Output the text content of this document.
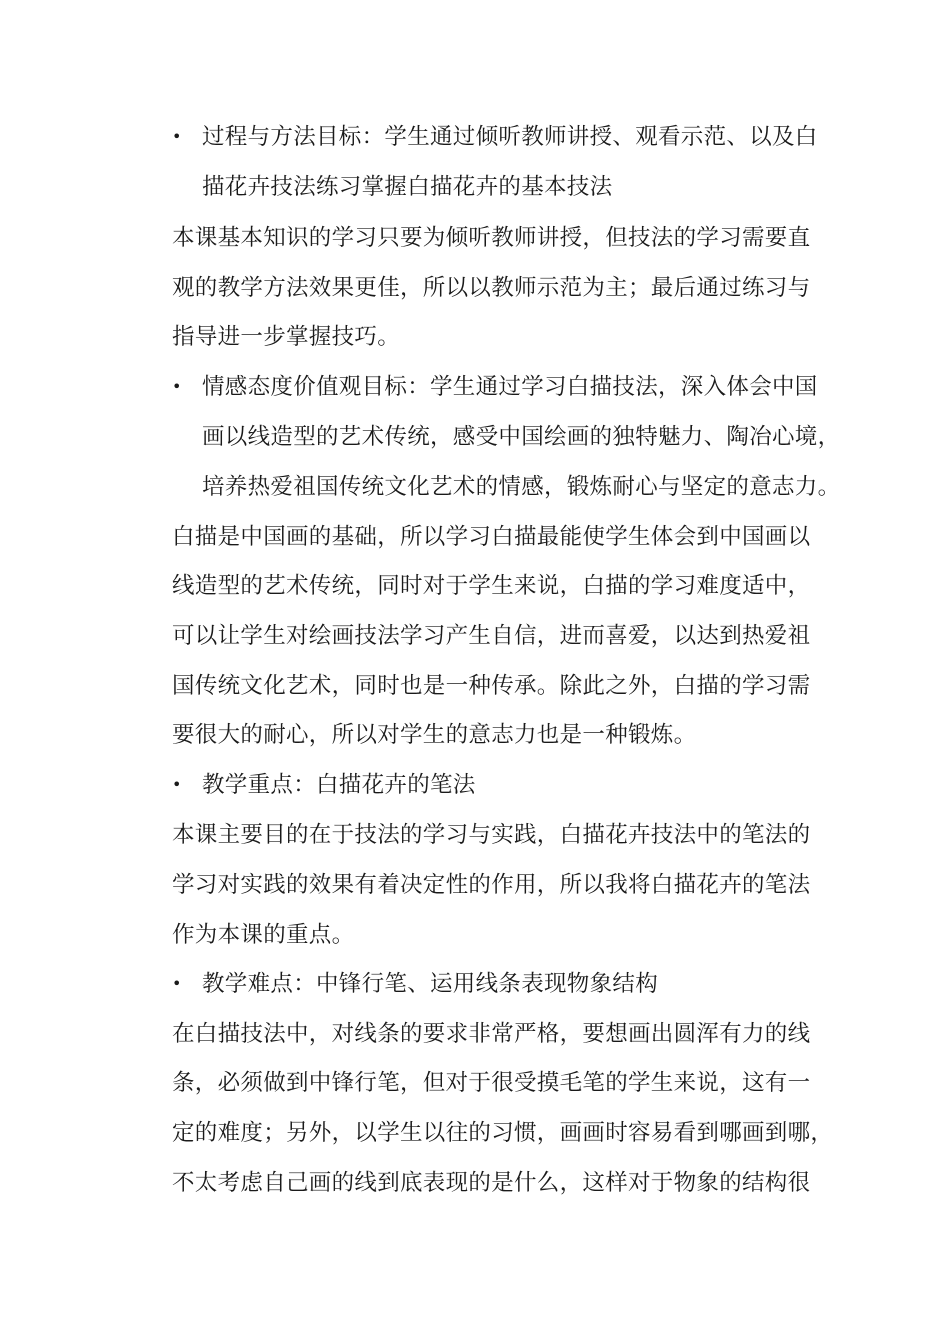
• 过程与方法目标：学生通过倾听教师讲授、观看示范、以及白
描花卉技法练习掌握白描花卉的基本技法
本课基本知识的学习只要为倾听教师讲授，但技法的学习需要直
观的教学方法效果更佳，所以以教师示范为主；最后通过练习与
指导进一步掌握技巧。
• 情感态度价值观目标：学生通过学习白描技法，深入体会中国
画以线造型的艺术传统，感受中国绘画的独特魅力、陶冶心境，
培养热爱祖国传统文化艺术的情感，锻炼耐心与坚定的意志力。
白描是中国画的基础，所以学习白描最能使学生体会到中国画以
线造型的艺术传统，同时对于学生来说，白描的学习难度适中，
可以让学生对绘画技法学习产生自信，进而喜爱，以达到热爱祖
国传统文化艺术，同时也是一种传承。除此之外，白描的学习需
要很大的耐心，所以对学生的意志力也是一种锻炼。
• 教学重点：白描花卉的笔法
本课主要目的在于技法的学习与实践，白描花卉技法中的笔法的
学习对实践的效果有着决定性的作用，所以我将白描花卉的笔法
作为本课的重点。
• 教学难点：中锋行笔、运用线条表现物象结构
在白描技法中，对线条的要求非常严格，要想画出圆浑有力的线
条，必须做到中锋行笔，但对于很受摸毛笔的学生来说，这有一
定的难度；另外，以学生以往的习惯，画画时容易看到哪画到哪，
不太考虑自己画的线到底表现的是什么，这样对于物象的结构很
